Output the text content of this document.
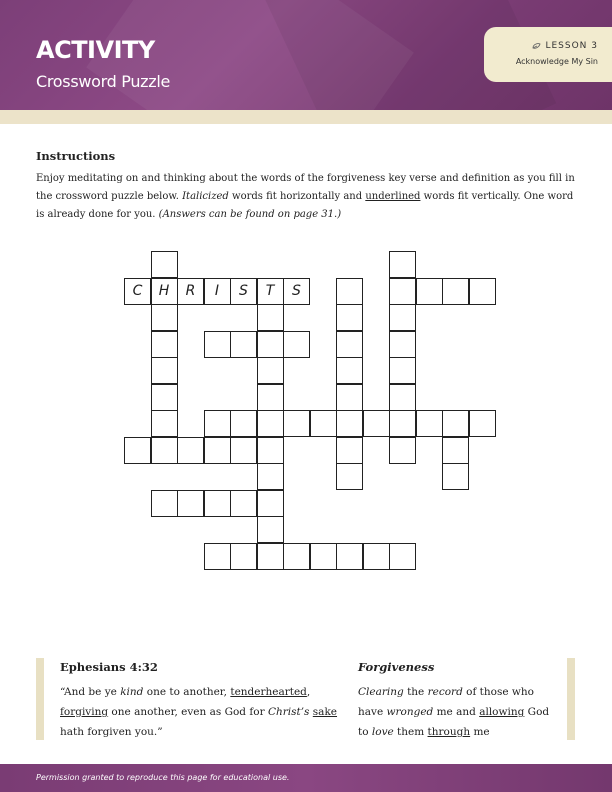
ACTIVITY
Crossword Puzzle
LESSON 3
Acknowledge My Sin
Instructions
Enjoy meditating on and thinking about the words of the forgiveness key verse and definition as you fill in the crossword puzzle below. Italicized words fit horizontally and underlined words fit vertically. One word is already done for you. (Answers can be found on page 31.)
C H R I S T S
Ephesians 4:32
“And be ye kind one to another, tenderhearted,
forgiving one another, even as God for Christ’s sake
hath forgiven you.”
Forgiveness
Clearing the record of those who
have wronged me and allowing God
to love them through me
Permission granted to reproduce this page for educational use.
